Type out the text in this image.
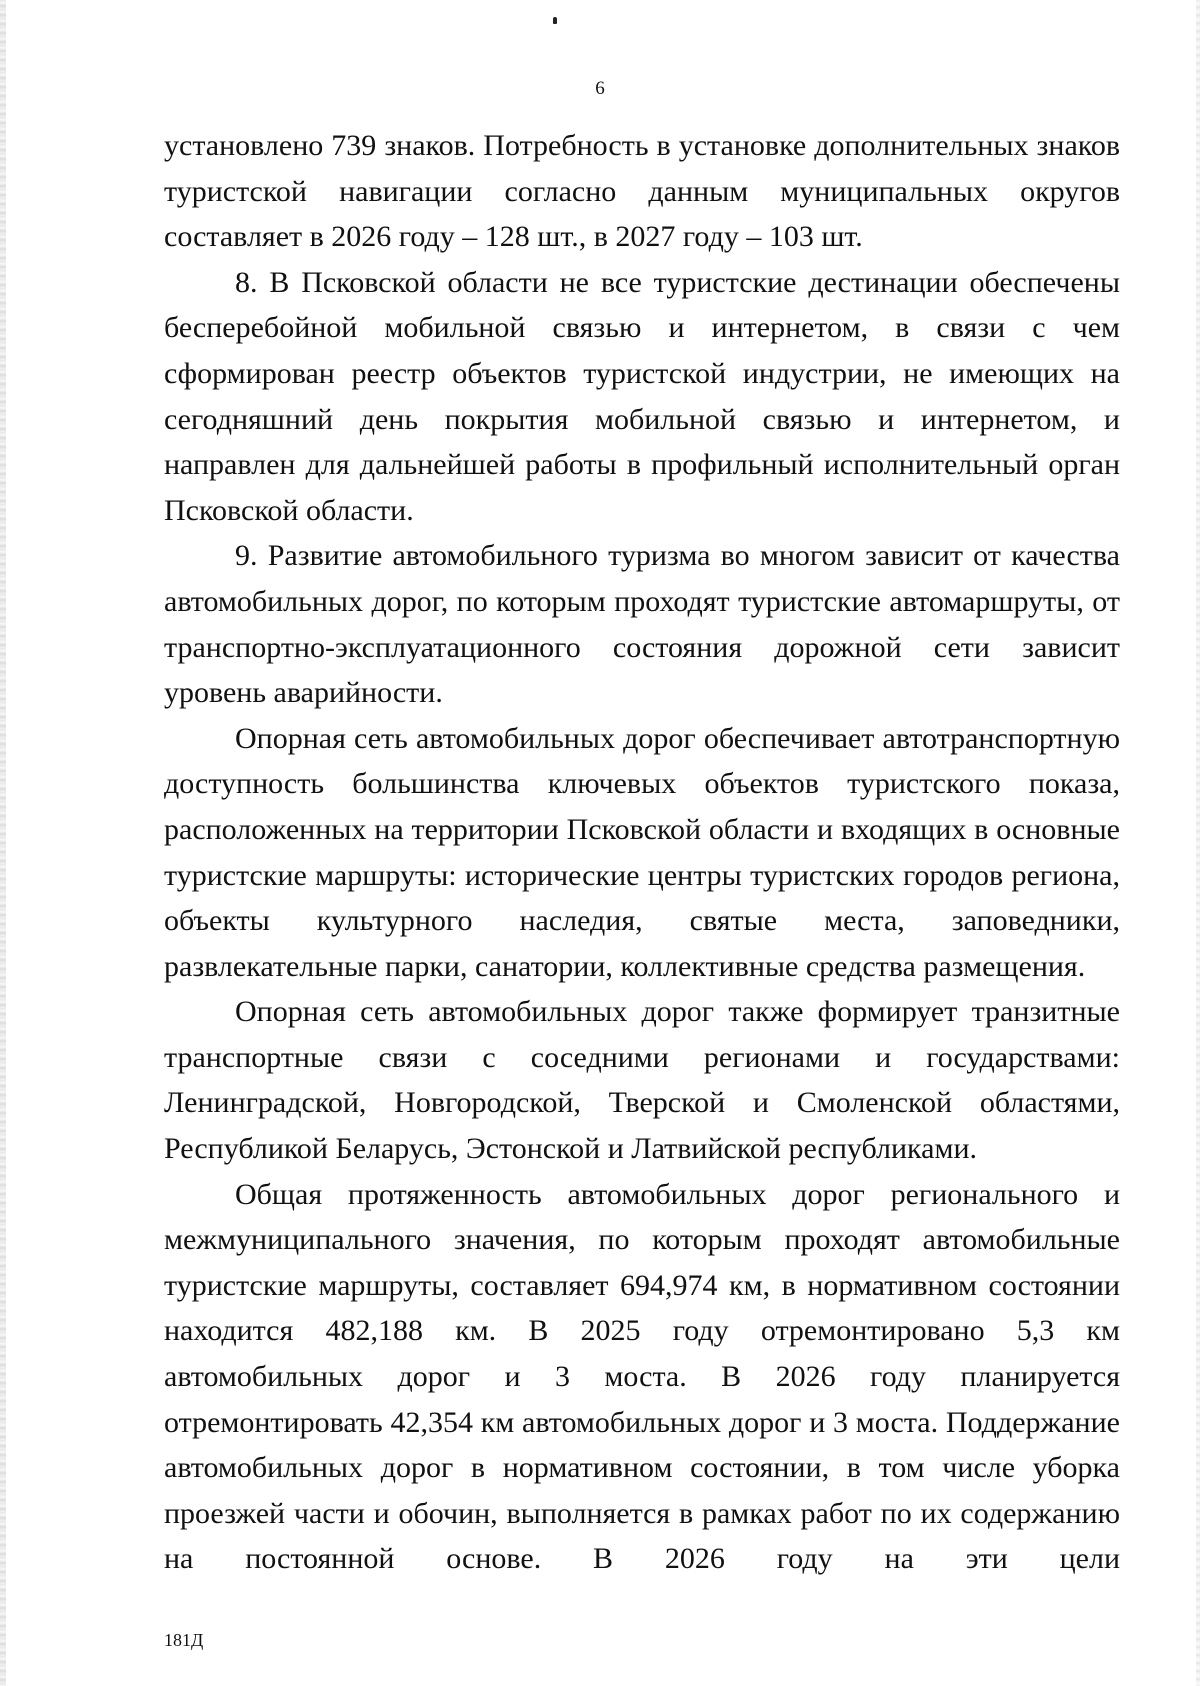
6

установлено 739 знаков. Потребность в установке дополнительных знаков туристской навигации согласно данным муниципальных округов составляет в 2026 году – 128 шт., в 2027 году – 103 шт.

8. В Псковской области не все туристские дестинации обеспечены бесперебойной мобильной связью и интернетом, в связи с чем сформирован реестр объектов туристской индустрии, не имеющих на сегодняшний день покрытия мобильной связью и интернетом, и направлен для дальнейшей работы в профильный исполнительный орган Псковской области.

9. Развитие автомобильного туризма во многом зависит от качества автомобильных дорог, по которым проходят туристские автомаршруты, от транспортно-эксплуатационного состояния дорожной сети зависит уровень аварийности.

Опорная сеть автомобильных дорог обеспечивает автотранспортную доступность большинства ключевых объектов туристского показа, расположенных на территории Псковской области и входящих в основные туристские маршруты: исторические центры туристских городов региона, объекты культурного наследия, святые места, заповедники, развлекательные парки, санатории, коллективные средства размещения.

Опорная сеть автомобильных дорог также формирует транзитные транспортные связи с соседними регионами и государствами: Ленинградской, Новгородской, Тверской и Смоленской областями, Республикой Беларусь, Эстонской и Латвийской республиками.

Общая протяженность автомобильных дорог регионального и межмуниципального значения, по которым проходят автомобильные туристские маршруты, составляет 694,974 км, в нормативном состоянии находится 482,188 км. В 2025 году отремонтировано 5,3 км автомобильных дорог и 3 моста. В 2026 году планируется отремонтировать 42,354 км автомобильных дорог и 3 моста. Поддержание автомобильных дорог в нормативном состоянии, в том числе уборка проезжей части и обочин, выполняется в рамках работ по их содержанию на постоянной основе. В 2026 году на эти цели

181Д
